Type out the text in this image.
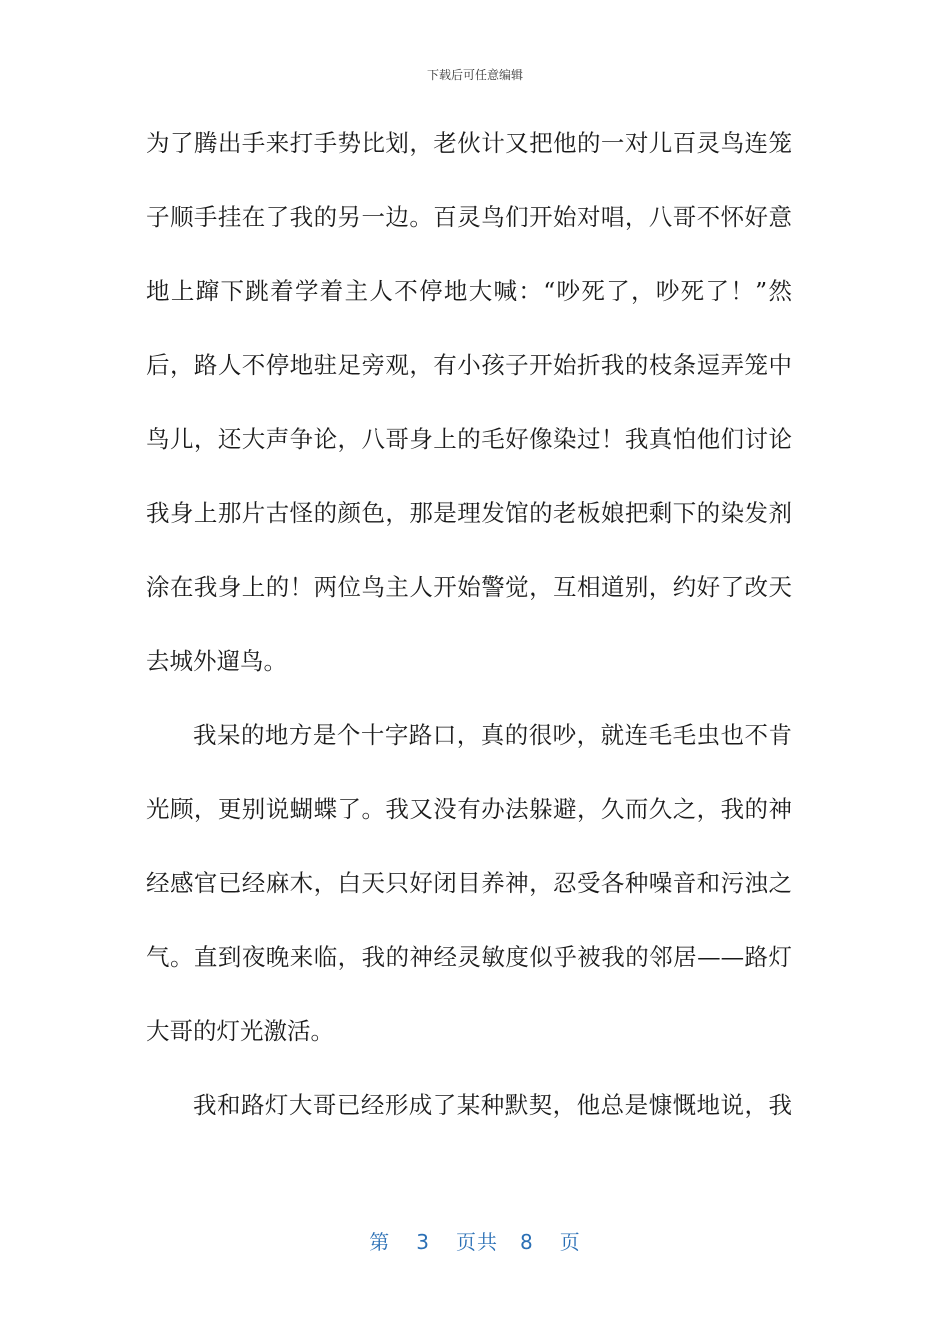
下载后可任意编辑
为了腾出手来打手势比划，老伙计又把他的一对儿百灵鸟连笼
子顺手挂在了我的另一边。百灵鸟们开始对唱，八哥不怀好意
地上蹿下跳着学着主人不停地大喊：“吵死了，吵死了！”然
后，路人不停地驻足旁观，有小孩子开始折我的枝条逗弄笼中
鸟儿，还大声争论，八哥身上的毛好像染过！我真怕他们讨论
我身上那片古怪的颜色，那是理发馆的老板娘把剩下的染发剂
涂在我身上的！两位鸟主人开始警觉，互相道别，约好了改天
去城外遛鸟。
我呆的地方是个十字路口，真的很吵，就连毛毛虫也不肯
光顾，更别说蝴蝶了。我又没有办法躲避，久而久之，我的神
经感官已经麻木，白天只好闭目养神，忍受各种噪音和污浊之
气。直到夜晚来临，我的神经灵敏度似乎被我的邻居——路灯
大哥的灯光激活。
我和路灯大哥已经形成了某种默契，他总是慷慨地说，我
第 3 页共 8 页
